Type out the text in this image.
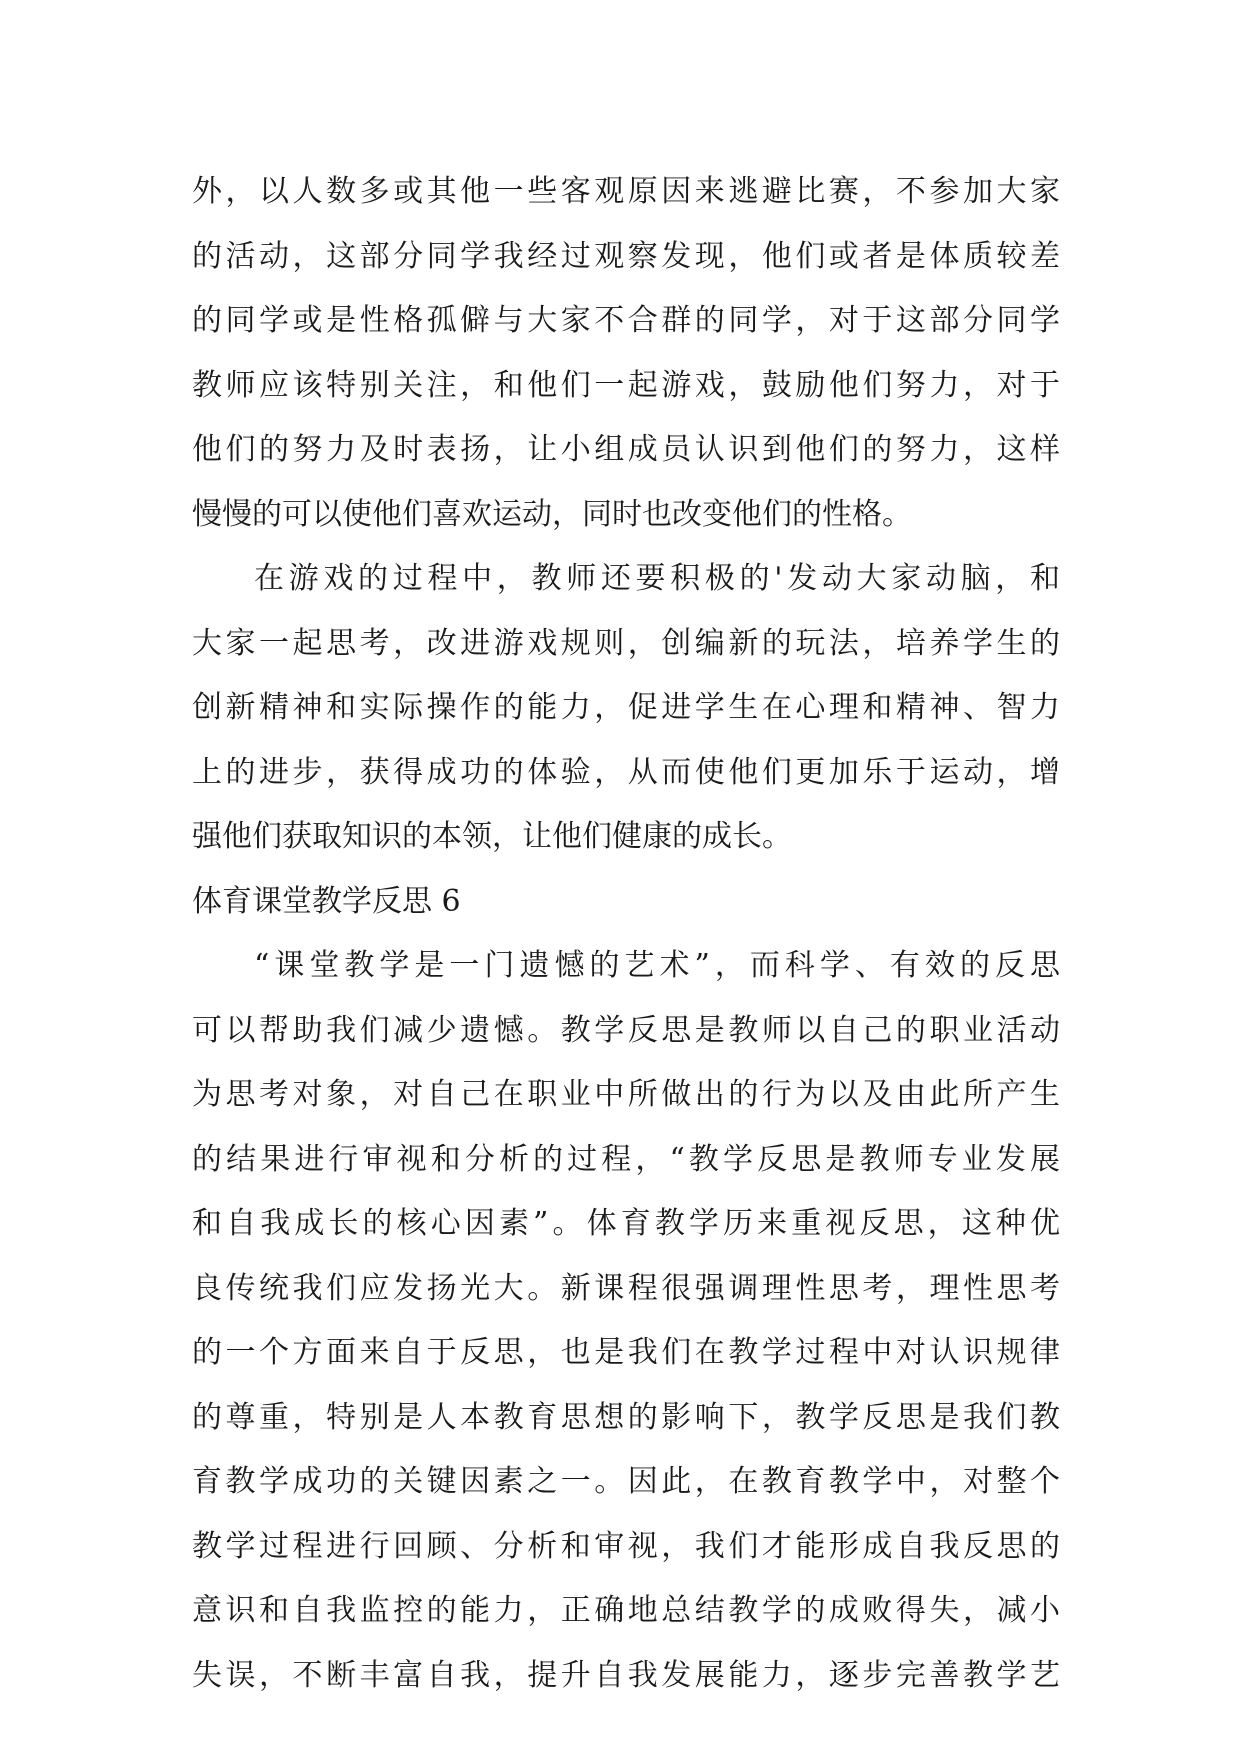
外，以人数多或其他一些客观原因来逃避比赛，不参加大家
的活动，这部分同学我经过观察发现，他们或者是体质较差
的同学或是性格孤僻与大家不合群的同学，对于这部分同学
教师应该特别关注，和他们一起游戏，鼓励他们努力，对于
他们的努力及时表扬，让小组成员认识到他们的努力，这样
慢慢的可以使他们喜欢运动，同时也改变他们的性格。
在游戏的过程中，教师还要积极的'发动大家动脑，和
大家一起思考，改进游戏规则，创编新的玩法，培养学生的
创新精神和实际操作的能力，促进学生在心理和精神、智力
上的进步，获得成功的体验，从而使他们更加乐于运动，增
强他们获取知识的本领，让他们健康的成长。
体育课堂教学反思 6
“课堂教学是一门遗憾的艺术”，而科学、有效的反思
可以帮助我们减少遗憾。教学反思是教师以自己的职业活动
为思考对象，对自己在职业中所做出的行为以及由此所产生
的结果进行审视和分析的过程，“教学反思是教师专业发展
和自我成长的核心因素”。体育教学历来重视反思，这种优
良传统我们应发扬光大。新课程很强调理性思考，理性思考
的一个方面来自于反思，也是我们在教学过程中对认识规律
的尊重，特别是人本教育思想的影响下，教学反思是我们教
育教学成功的关键因素之一。因此，在教育教学中，对整个
教学过程进行回顾、分析和审视，我们才能形成自我反思的
意识和自我监控的能力，正确地总结教学的成败得失，减小
失误，不断丰富自我，提升自我发展能力，逐步完善教学艺
